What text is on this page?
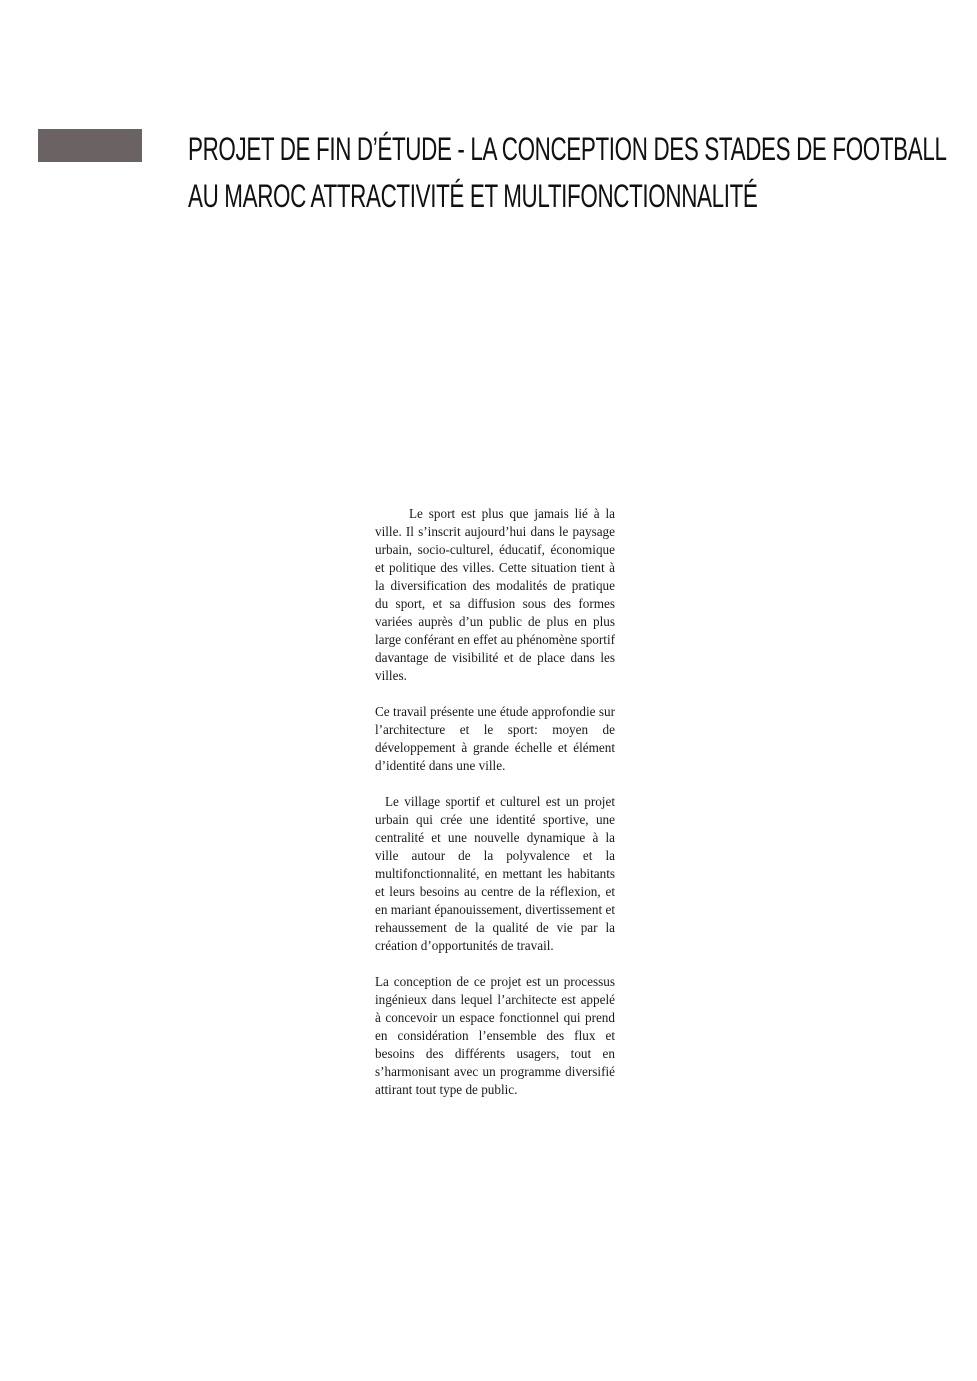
PROJET DE FIN D’ÉTUDE - LA CONCEPTION DES STADES DE FOOTBALL
AU MAROC ATTRACTIVITÉ ET MULTIFONCTIONNALITÉ

Le sport est plus que jamais lié à la ville. Il s’inscrit aujourd’hui dans le paysage urbain, socio-culturel, éducatif, économique et politique des villes. Cette situation tient à la diversification des modalités de pratique du sport, et sa diffusion sous des formes variées auprès d’un public de plus en plus large conférant en effet au phénomène sportif davantage de visibilité et de place dans les villes.

Ce travail présente une étude approfondie sur l’architecture et le sport: moyen de développement à grande échelle et élément d’identité dans une ville.

Le village sportif et culturel est un projet urbain qui crée une identité sportive, une centralité et une nouvelle dynamique à la ville autour de la polyvalence et la multifonctionnalité, en mettant les habitants et leurs besoins au centre de la réflexion, et en mariant épanouissement, divertissement et rehaussement de la qualité de vie par la création d’opportunités de travail.

La conception de ce projet est un processus ingénieux dans lequel l’architecte est appelé à concevoir un espace fonctionnel qui prend en considération l’ensemble des flux et besoins des différents usagers, tout en s’harmonisant avec un programme diversifié attirant tout type de public.
